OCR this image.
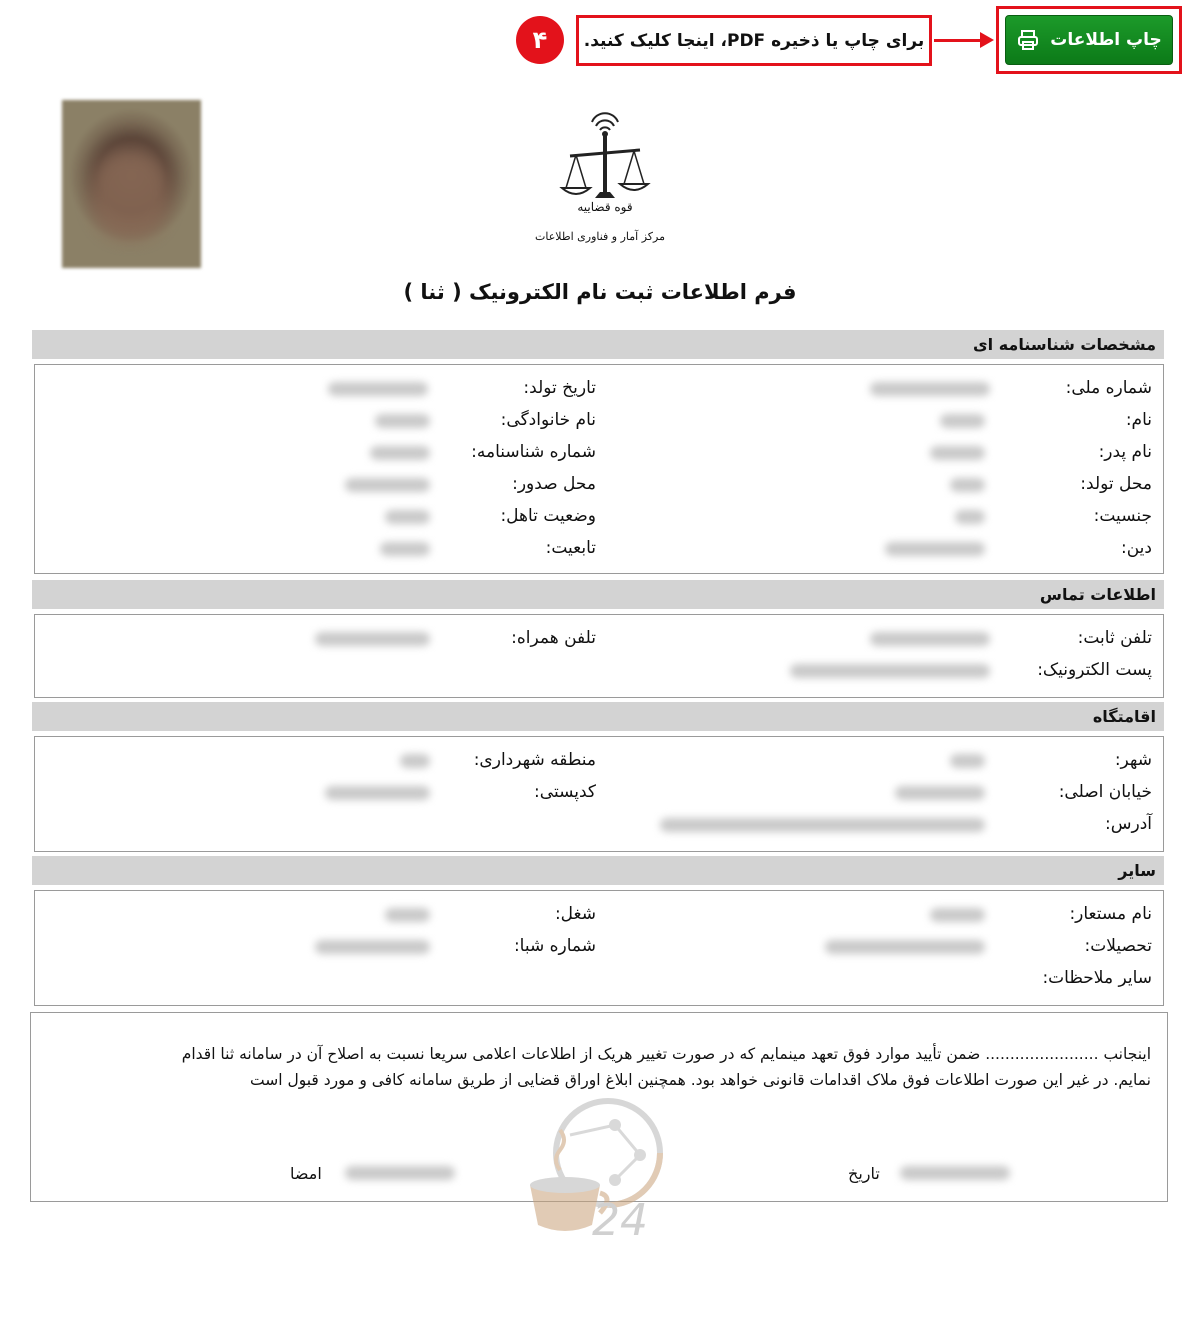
چاپ اطلاعات
برای چاپ یا ذخیره PDF، اینجا کلیک کنید.
۴
قوه قضاییه
مرکز آمار و فناوری اطلاعات
فرم اطلاعات ثبت نام الکترونیک ( ثنا )
مشخصات شناسنامه ای
شماره ملی:
نام:
نام پدر:
محل تولد:
جنسیت:
دین:
تاریخ تولد:
نام خانوادگی:
شماره شناسنامه:
محل صدور:
وضعیت تاهل:
تابعیت:
اطلاعات تماس
تلفن ثابت:
پست الکترونیک:
تلفن همراه:
اقامتگاه
شهر:
خیابان اصلی:
آدرس:
منطقه شهرداری:
کدپستی:
سایر
نام مستعار:
تحصیلات:
سایر ملاحظات:
شغل:
شماره شبا:
اینجانب ....................... ضمن تأیید موارد فوق تعهد مینمایم که در صورت تغییر هریک از اطلاعات اعلامی سریعا نسبت به اصلاح آن در سامانه ثنا اقدام
نمایم. در غیر این صورت اطلاعات فوق ملاک اقدامات قانونی خواهد بود. همچنین ابلاغ اوراق قضایی از طریق سامانه کافی و مورد قبول است
تاریخ
امضا
24
